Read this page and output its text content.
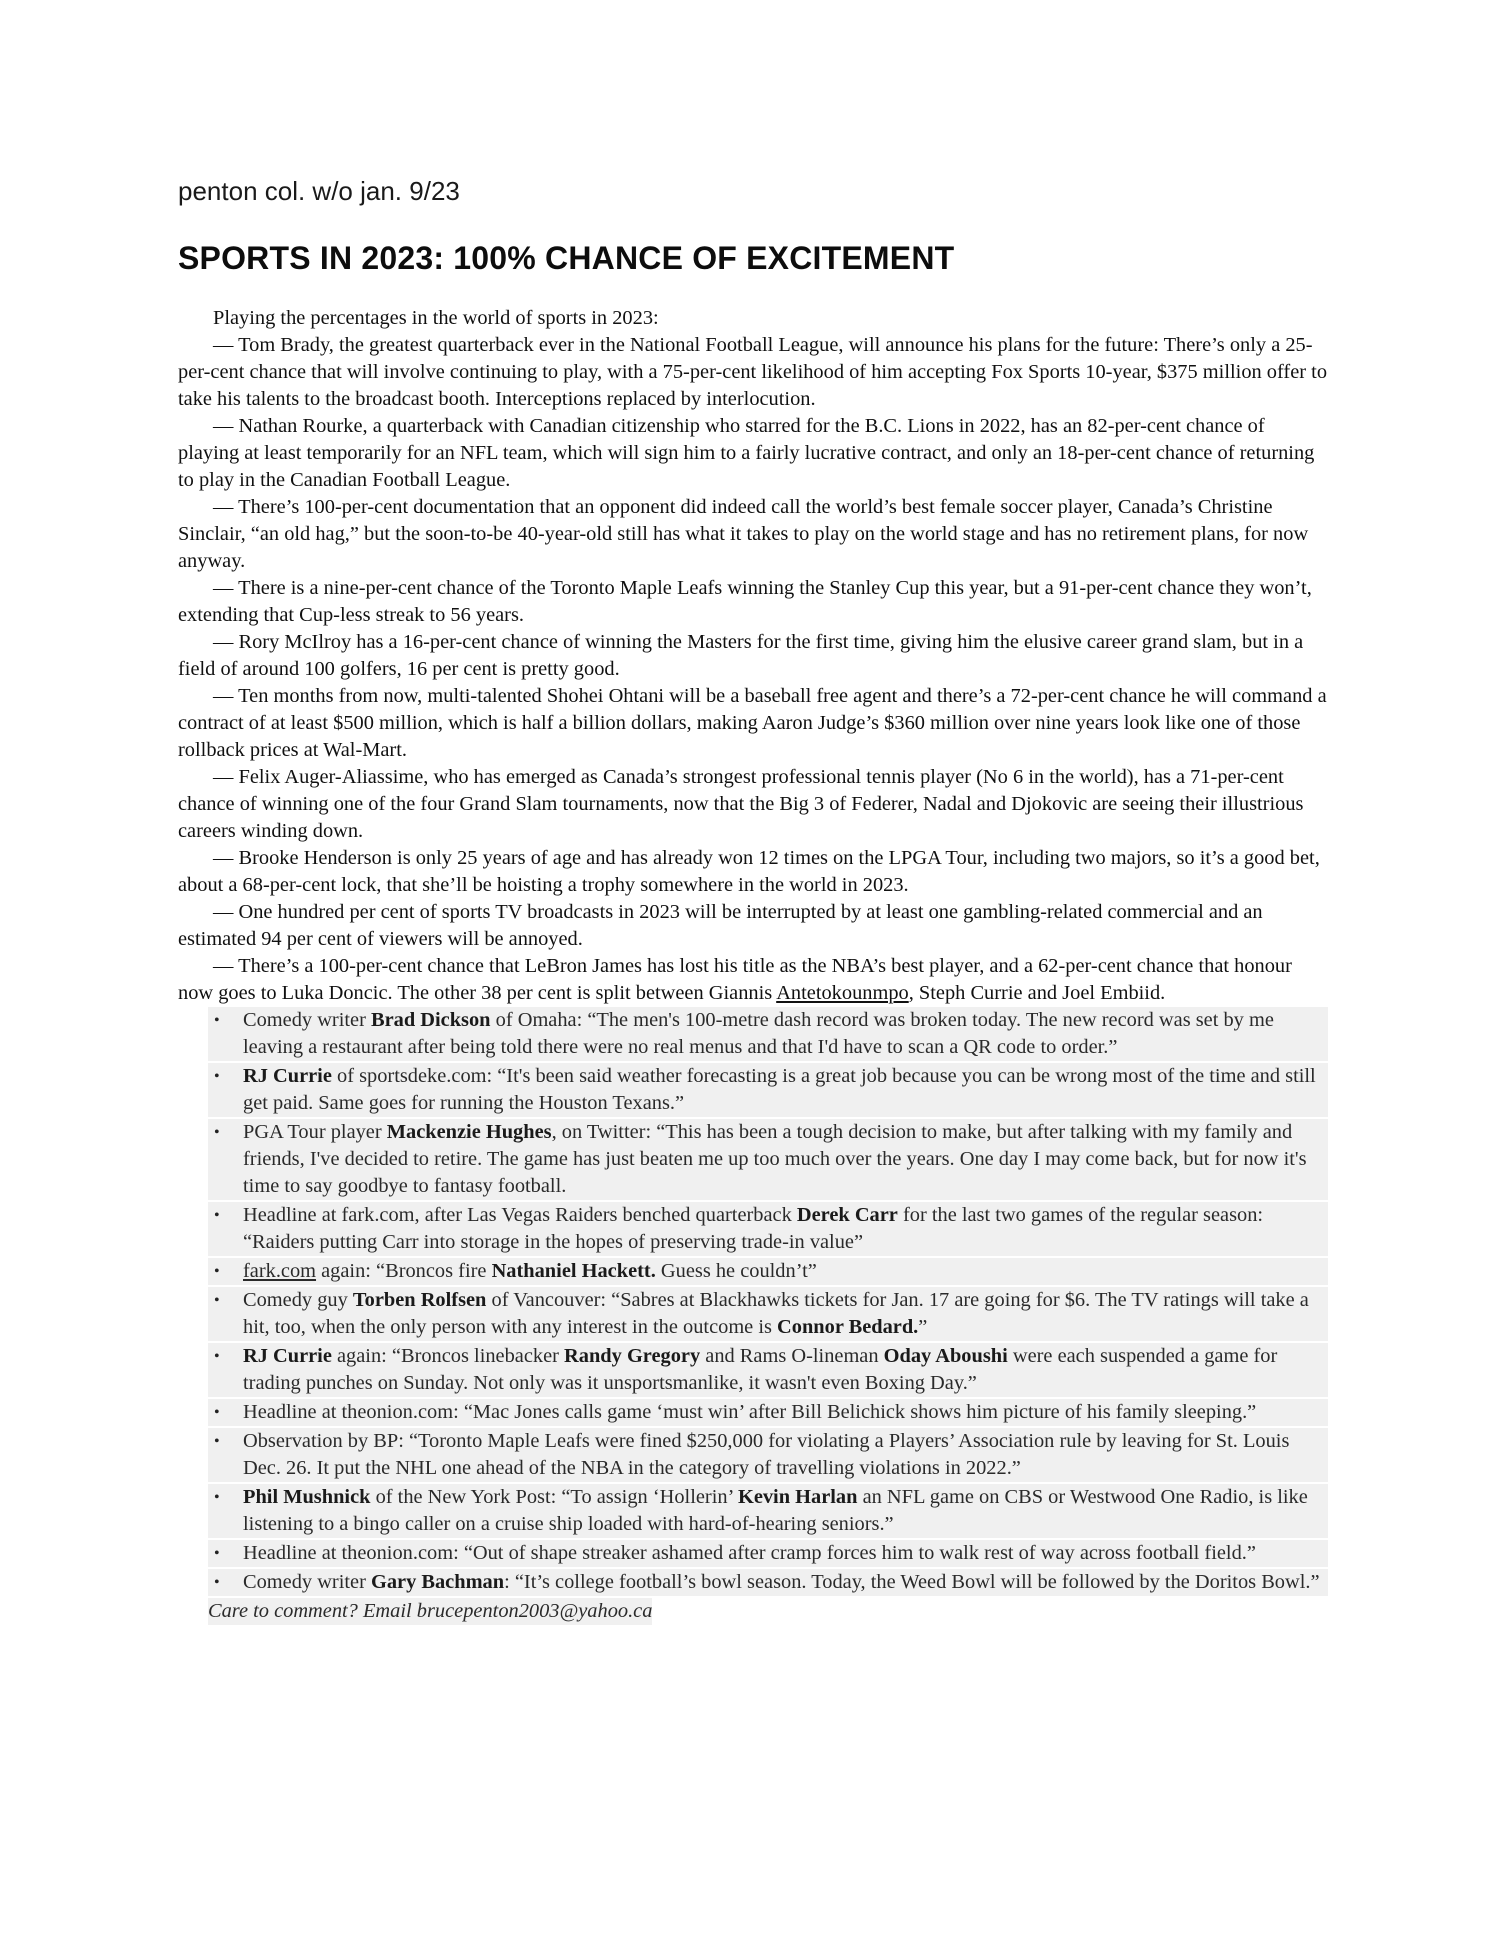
penton col. w/o jan. 9/23
SPORTS IN 2023: 100% CHANCE OF EXCITEMENT

Playing the percentages in the world of sports in 2023:

— Tom Brady, the greatest quarterback ever in the National Football League, will announce his plans for the future: There’s only a 25-per-cent chance that will involve continuing to play, with a 75-per-cent likelihood of him accepting Fox Sports 10-year, $375 million offer to take his talents to the broadcast booth. Interceptions replaced by interlocution.

— Nathan Rourke, a quarterback with Canadian citizenship who starred for the B.C. Lions in 2022, has an 82-per-cent chance of playing at least temporarily for an NFL team, which will sign him to a fairly lucrative contract, and only an 18-per-cent chance of returning to play in the Canadian Football League.

— There’s 100-per-cent documentation that an opponent did indeed call the world’s best female soccer player, Canada’s Christine Sinclair, “an old hag,” but the soon-to-be 40-year-old still has what it takes to play on the world stage and has no retirement plans, for now anyway.

— There is a nine-per-cent chance of the Toronto Maple Leafs winning the Stanley Cup this year, but a 91-per-cent chance they won’t, extending that Cup-less streak to 56 years.

— Rory McIlroy has a 16-per-cent chance of winning the Masters for the first time, giving him the elusive career grand slam, but in a field of around 100 golfers, 16 per cent is pretty good.

— Ten months from now, multi-talented Shohei Ohtani will be a baseball free agent and there’s a 72-per-cent chance he will command a contract of at least $500 million, which is half a billion dollars, making Aaron Judge’s $360 million over nine years look like one of those rollback prices at Wal-Mart.

— Felix Auger-Aliassime, who has emerged as Canada’s strongest professional tennis player (No 6 in the world), has a 71-per-cent chance of winning one of the four Grand Slam tournaments, now that the Big 3 of Federer, Nadal and Djokovic are seeing their illustrious careers winding down.

— Brooke Henderson is only 25 years of age and has already won 12 times on the LPGA Tour, including two majors, so it’s a good bet, about a 68-per-cent lock, that she’ll be hoisting a trophy somewhere in the world in 2023.

— One hundred per cent of sports TV broadcasts in 2023 will be interrupted by at least one gambling-related commercial and an estimated 94 per cent of viewers will be annoyed.

— There’s a 100-per-cent chance that LeBron James has lost his title as the NBA’s best player, and a 62-per-cent chance that honour now goes to Luka Doncic. The other 38 per cent is split between Giannis Antetokounmpo, Steph Currie and Joel Embiid.

•	Comedy writer Brad Dickson of Omaha: “The men's 100-metre dash record was broken today. The new record was set by me leaving a restaurant after being told there were no real menus and that I'd have to scan a QR code to order.”
•	RJ Currie of sportsdeke.com: “It's been said weather forecasting is a great job because you can be wrong most of the time and still get paid. Same goes for running the Houston Texans.”
•	PGA Tour player Mackenzie Hughes, on Twitter: “This has been a tough decision to make, but after talking with my family and friends, I've decided to retire. The game has just beaten me up too much over the years. One day I may come back, but for now it's time to say goodbye to fantasy football.
•	Headline at fark.com, after Las Vegas Raiders benched quarterback Derek Carr for the last two games of the regular season: “Raiders putting Carr into storage in the hopes of preserving trade-in value”
•	fark.com again: “Broncos fire Nathaniel Hackett. Guess he couldn’t”
•	Comedy guy Torben Rolfsen of Vancouver: “Sabres at Blackhawks tickets for Jan. 17 are going for $6. The TV ratings will take a hit, too, when the only person with any interest in the outcome is Connor Bedard.”
•	RJ Currie again: “Broncos linebacker Randy Gregory and Rams O-lineman Oday Aboushi were each suspended a game for trading punches on Sunday. Not only was it unsportsmanlike, it wasn't even Boxing Day.”
•	Headline at theonion.com: “Mac Jones calls game ‘must win’ after Bill Belichick shows him picture of his family sleeping.”
•	Observation by BP: “Toronto Maple Leafs were fined $250,000 for violating a Players’ Association rule by leaving for St. Louis Dec. 26. It put the NHL one ahead of the NBA in the category of travelling violations in 2022.”
•	Phil Mushnick of the New York Post: “To assign ‘Hollerin’ Kevin Harlan an NFL game on CBS or Westwood One Radio, is like listening to a bingo caller on a cruise ship loaded with hard-of-hearing seniors.”
•	Headline at theonion.com: “Out of shape streaker ashamed after cramp forces him to walk rest of way across football field.”
•	Comedy writer Gary Bachman: “It’s college football’s bowl season. Today, the Weed Bowl will be followed by the Doritos Bowl.”
Care to comment? Email brucepenton2003@yahoo.ca
